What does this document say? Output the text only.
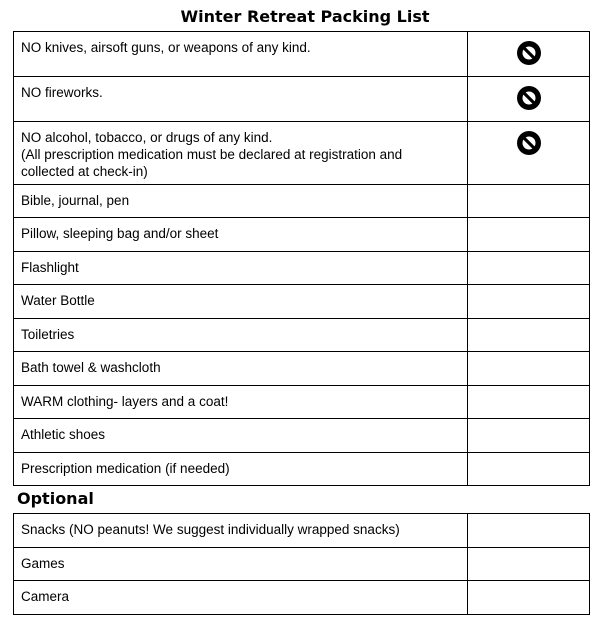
Winter Retreat Packing List
NO knives, airsoft guns, or weapons of any kind.

NO fireworks.

NO alcohol, tobacco, or drugs of any kind.
(All prescription medication must be declared at registration and
collected at check-in)

Bible, journal, pen	

Pillow, sleeping bag and/or sheet	

Flashlight	

Water Bottle	

Toiletries	

Bath towel & washcloth	

WARM clothing- layers and a coat!	

Athletic shoes	

Prescription medication (if needed)	

Optional
Snacks (NO peanuts! We suggest individually wrapped snacks)	

Games	

Camera	
